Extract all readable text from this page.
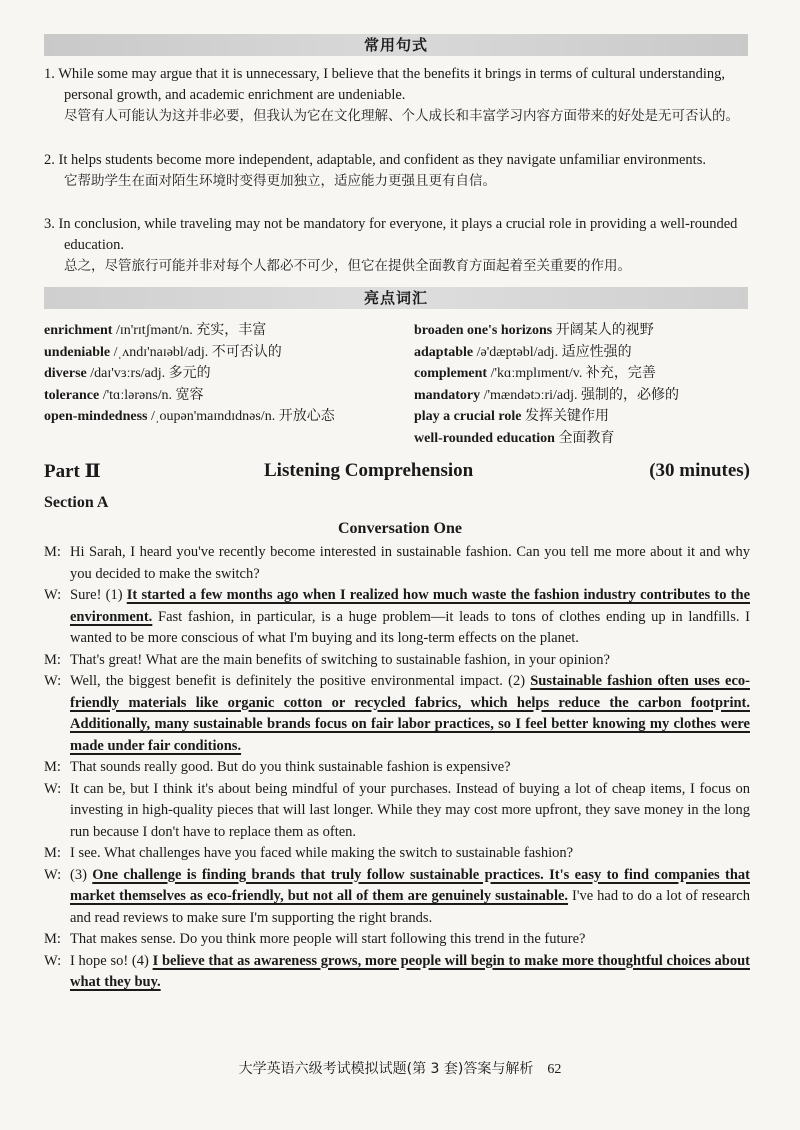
常用句式
1. While some may argue that it is unnecessary, I believe that the benefits it brings in terms of cultural understanding, personal growth, and academic enrichment are undeniable.
尽管有人可能认为这并非必要，但我认为它在文化理解、个人成长和丰富学习内容方面带来的好处是无可否认的。
2. It helps students become more independent, adaptable, and confident as they navigate unfamiliar environments.
它帮助学生在面对陌生环境时变得更加独立，适应能力更强且更有自信。
3. In conclusion, while traveling may not be mandatory for everyone, it plays a crucial role in providing a well-rounded education.
总之，尽管旅行可能并非对每个人都必不可少，但它在提供全面教育方面起着至关重要的作用。
亮点词汇
enrichment /ɪn'rɪtʃmənt/n. 充实，丰富
undeniable /ˌʌndɪ'naɪəbl/adj. 不可否认的
diverse /daɪ'vɜːrs/adj. 多元的
tolerance /'tɑːlərəns/n. 宽容
open-mindedness /ˌoupən'maɪndɪdnəs/n. 开放心态
broaden one's horizons 开阔某人的视野
adaptable /ə'dæptəbl/adj. 适应性强的
complement /'kɑːmplɪment/v. 补充，完善
mandatory /'mændətɔːri/adj. 强制的，必修的
play a crucial role 发挥关键作用
well-rounded education 全面教育
Part Ⅱ	Listening Comprehension	(30 minutes)
Section A
Conversation One
M: Hi Sarah, I heard you've recently become interested in sustainable fashion. Can you tell me more about it and why you decided to make the switch?
W: Sure! (1) It started a few months ago when I realized how much waste the fashion industry contributes to the environment. Fast fashion, in particular, is a huge problem—it leads to tons of clothes ending up in landfills. I wanted to be more conscious of what I'm buying and its long-term effects on the planet.
M: That's great! What are the main benefits of switching to sustainable fashion, in your opinion?
W: Well, the biggest benefit is definitely the positive environmental impact. (2) Sustainable fashion often uses eco-friendly materials like organic cotton or recycled fabrics, which helps reduce the carbon footprint. Additionally, many sustainable brands focus on fair labor practices, so I feel better knowing my clothes were made under fair conditions.
M: That sounds really good. But do you think sustainable fashion is expensive?
W: It can be, but I think it's about being mindful of your purchases. Instead of buying a lot of cheap items, I focus on investing in high-quality pieces that will last longer. While they may cost more upfront, they save money in the long run because I don't have to replace them as often.
M: I see. What challenges have you faced while making the switch to sustainable fashion?
W: (3) One challenge is finding brands that truly follow sustainable practices. It's easy to find companies that market themselves as eco-friendly, but not all of them are genuinely sustainable. I've had to do a lot of research and read reviews to make sure I'm supporting the right brands.
M: That makes sense. Do you think more people will start following this trend in the future?
W: I hope so! (4) I believe that as awareness grows, more people will begin to make more thoughtful choices about what they buy.
大学英语六级考试模拟试题(第 3 套)答案与解析 62
